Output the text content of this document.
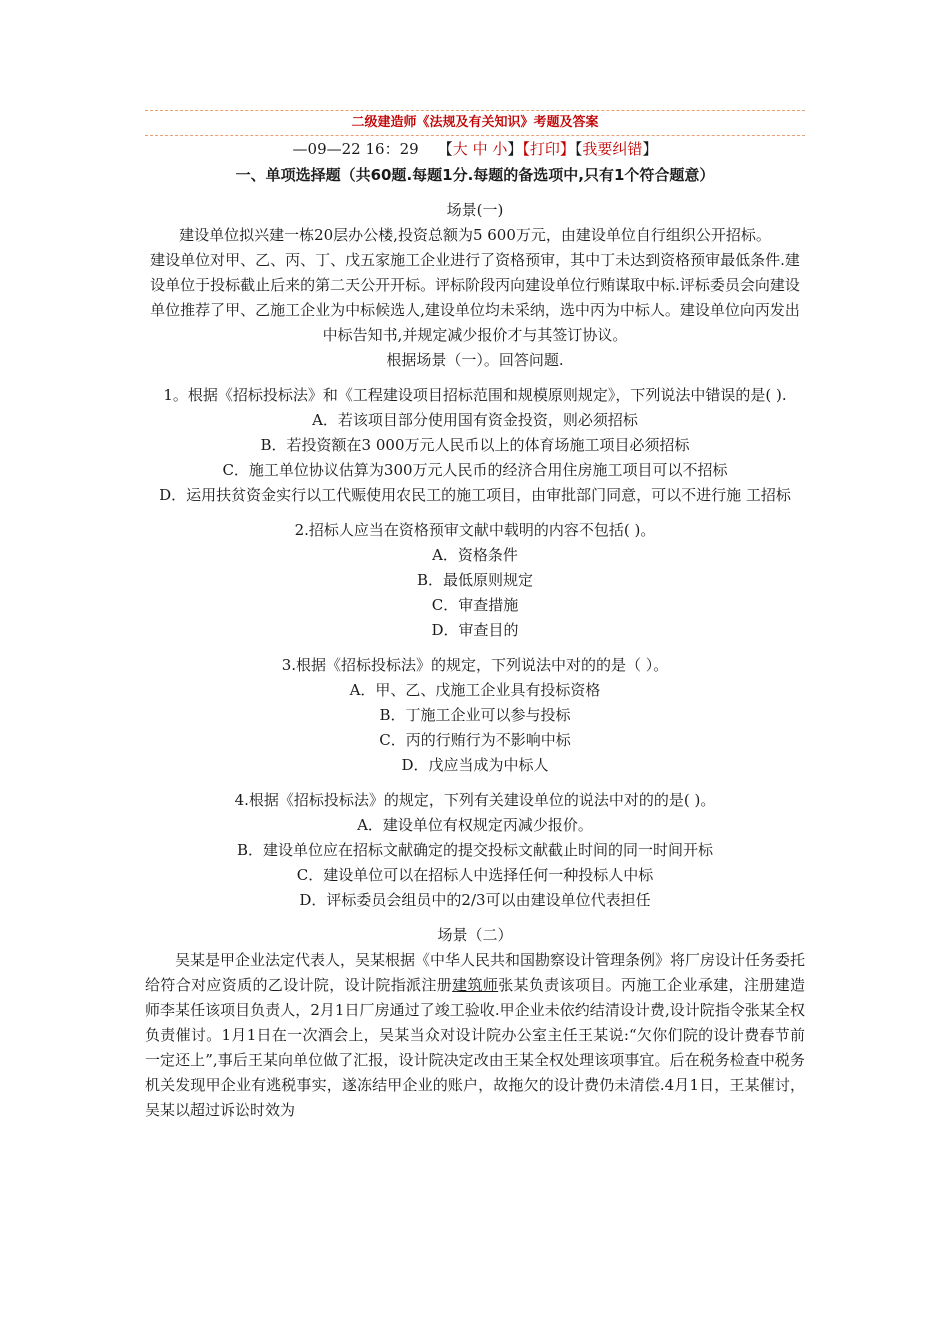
二级建造师《法规及有关知识》考题及答案
—09—22 16：29 【大 中 小】【打印】【我要纠错】
一、单项选择题（共60题.每题1分.每题的备选项中,只有1个符合题意）

场景(一)

建设单位拟兴建一栋20层办公楼,投资总额为5 600万元，由建设单位自行组织公开招标。

建设单位对甲、乙、丙、丁、戊五家施工企业进行了资格预审，其中丁未达到资格预审最低条件.建设单位于投标截止后来的第二天公开开标。评标阶段丙向建设单位行贿谋取中标.评标委员会向建设单位推荐了甲、乙施工企业为中标候选人,建设单位均未采纳，选中丙为中标人。建设单位向丙发出中标告知书,并规定减少报价才与其签订协议。

根据场景（一）。回答问题.

1。根据《招标投标法》和《工程建设项目招标范围和规模原则规定》，下列说法中错误的是( ).

A．若该项目部分使用国有资金投资，则必须招标

B．若投资额在3 000万元人民币以上的体育场施工项目必须招标

C．施工单位协议估算为300万元人民币的经济合用住房施工项目可以不招标

D．运用扶贫资金实行以工代赈使用农民工的施工项目，由审批部门同意，可以不进行施 工招标

2.招标人应当在资格预审文献中载明的内容不包括( )。

A．资格条件

B．最低原则规定

C．审查措施

D．审查目的

3.根据《招标投标法》的规定，下列说法中对的的是（ ）。

A．甲、乙、戊施工企业具有投标资格

B．丁施工企业可以参与投标

C．丙的行贿行为不影响中标

D．戊应当成为中标人

4.根据《招标投标法》的规定，下列有关建设单位的说法中对的的是( )。

A．建设单位有权规定丙减少报价。

B．建设单位应在招标文献确定的提交投标文献截止时间的同一时间开标

C．建设单位可以在招标人中选择任何一种投标人中标

D．评标委员会组员中的2/3可以由建设单位代表担任

场景（二）

吴某是甲企业法定代表人，吴某根据《中华人民共和国勘察设计管理条例》将厂房设计任务委托给符合对应资质的乙设计院，设计院指派注册建筑师张某负责该项目。丙施工企业承建，注册建造师李某任该项目负责人，2月1日厂房通过了竣工验收.甲企业未依约结清设计费,设计院指令张某全权负责催讨。1月1日在一次酒会上，吴某当众对设计院办公室主任王某说:“欠你们院的设计费春节前一定还上”,事后王某向单位做了汇报，设计院决定改由王某全权处理该项事宜。后在税务检查中税务机关发现甲企业有逃税事实，遂冻结甲企业的账户，故拖欠的设计费仍未清偿.4月1日，王某催讨，吴某以超过诉讼时效为
